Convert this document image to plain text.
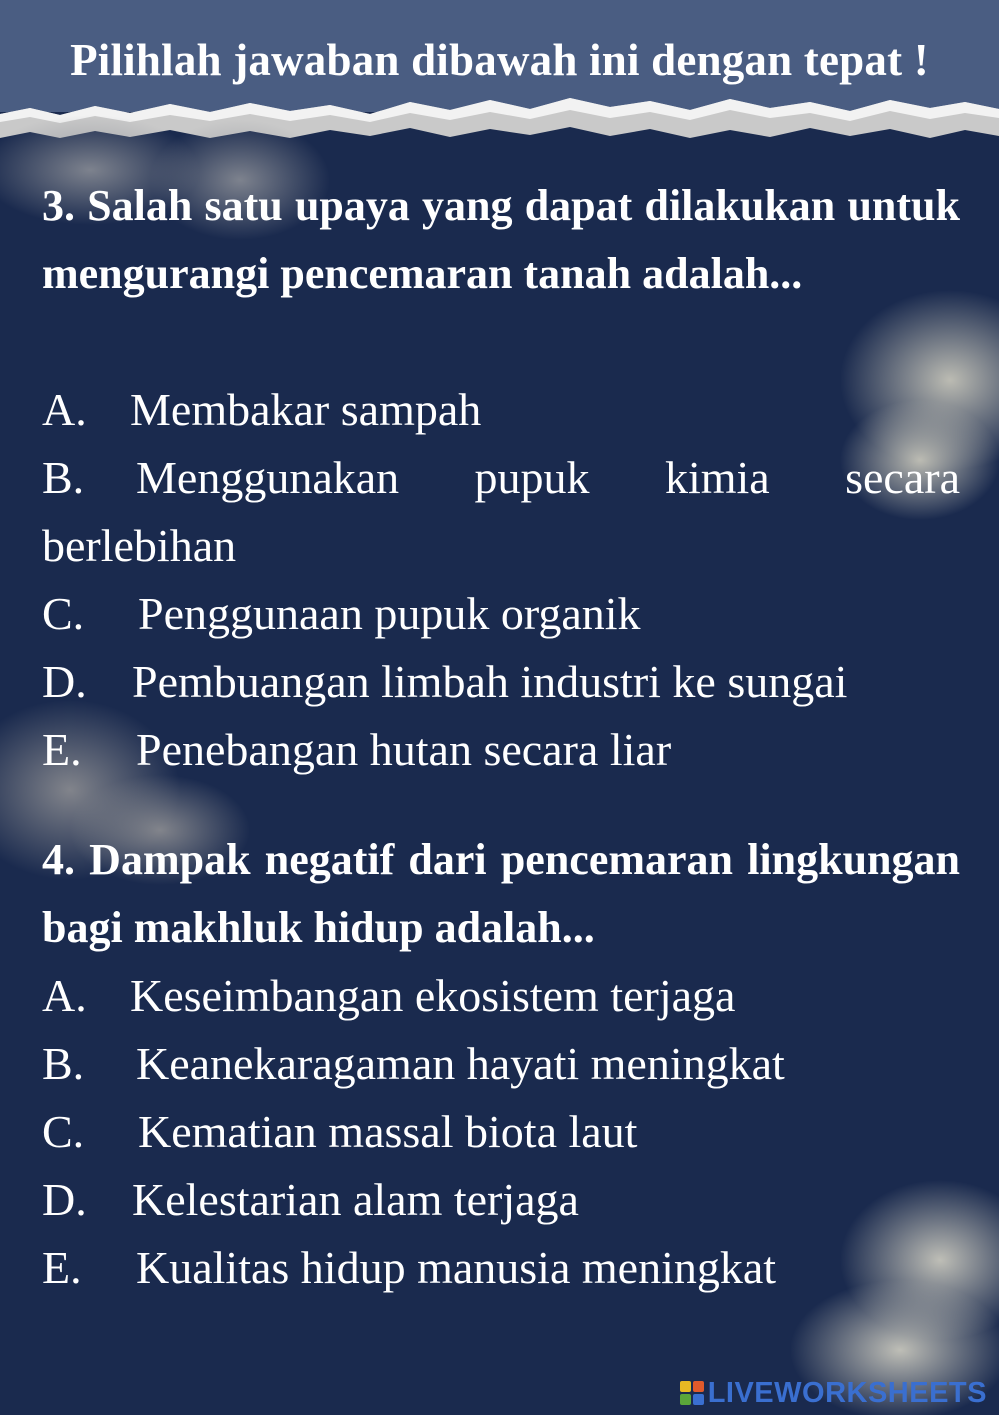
Pilihlah jawaban dibawah ini dengan tepat !
3. Salah satu upaya yang dapat dilakukan untuk mengurangi pencemaran tanah adalah...
A. Membakar sampah
B. Menggunakan pupuk kimia secara berlebihan
C. Penggunaan pupuk organik
D. Pembuangan limbah industri ke sungai
E. Penebangan hutan secara liar
4. Dampak negatif dari pencemaran lingkungan bagi makhluk hidup adalah...
A. Keseimbangan ekosistem terjaga
B. Keanekaragaman hayati meningkat
C. Kematian massal biota laut
D. Kelestarian alam terjaga
E. Kualitas hidup manusia meningkat
LIVEWORKSHEETS
